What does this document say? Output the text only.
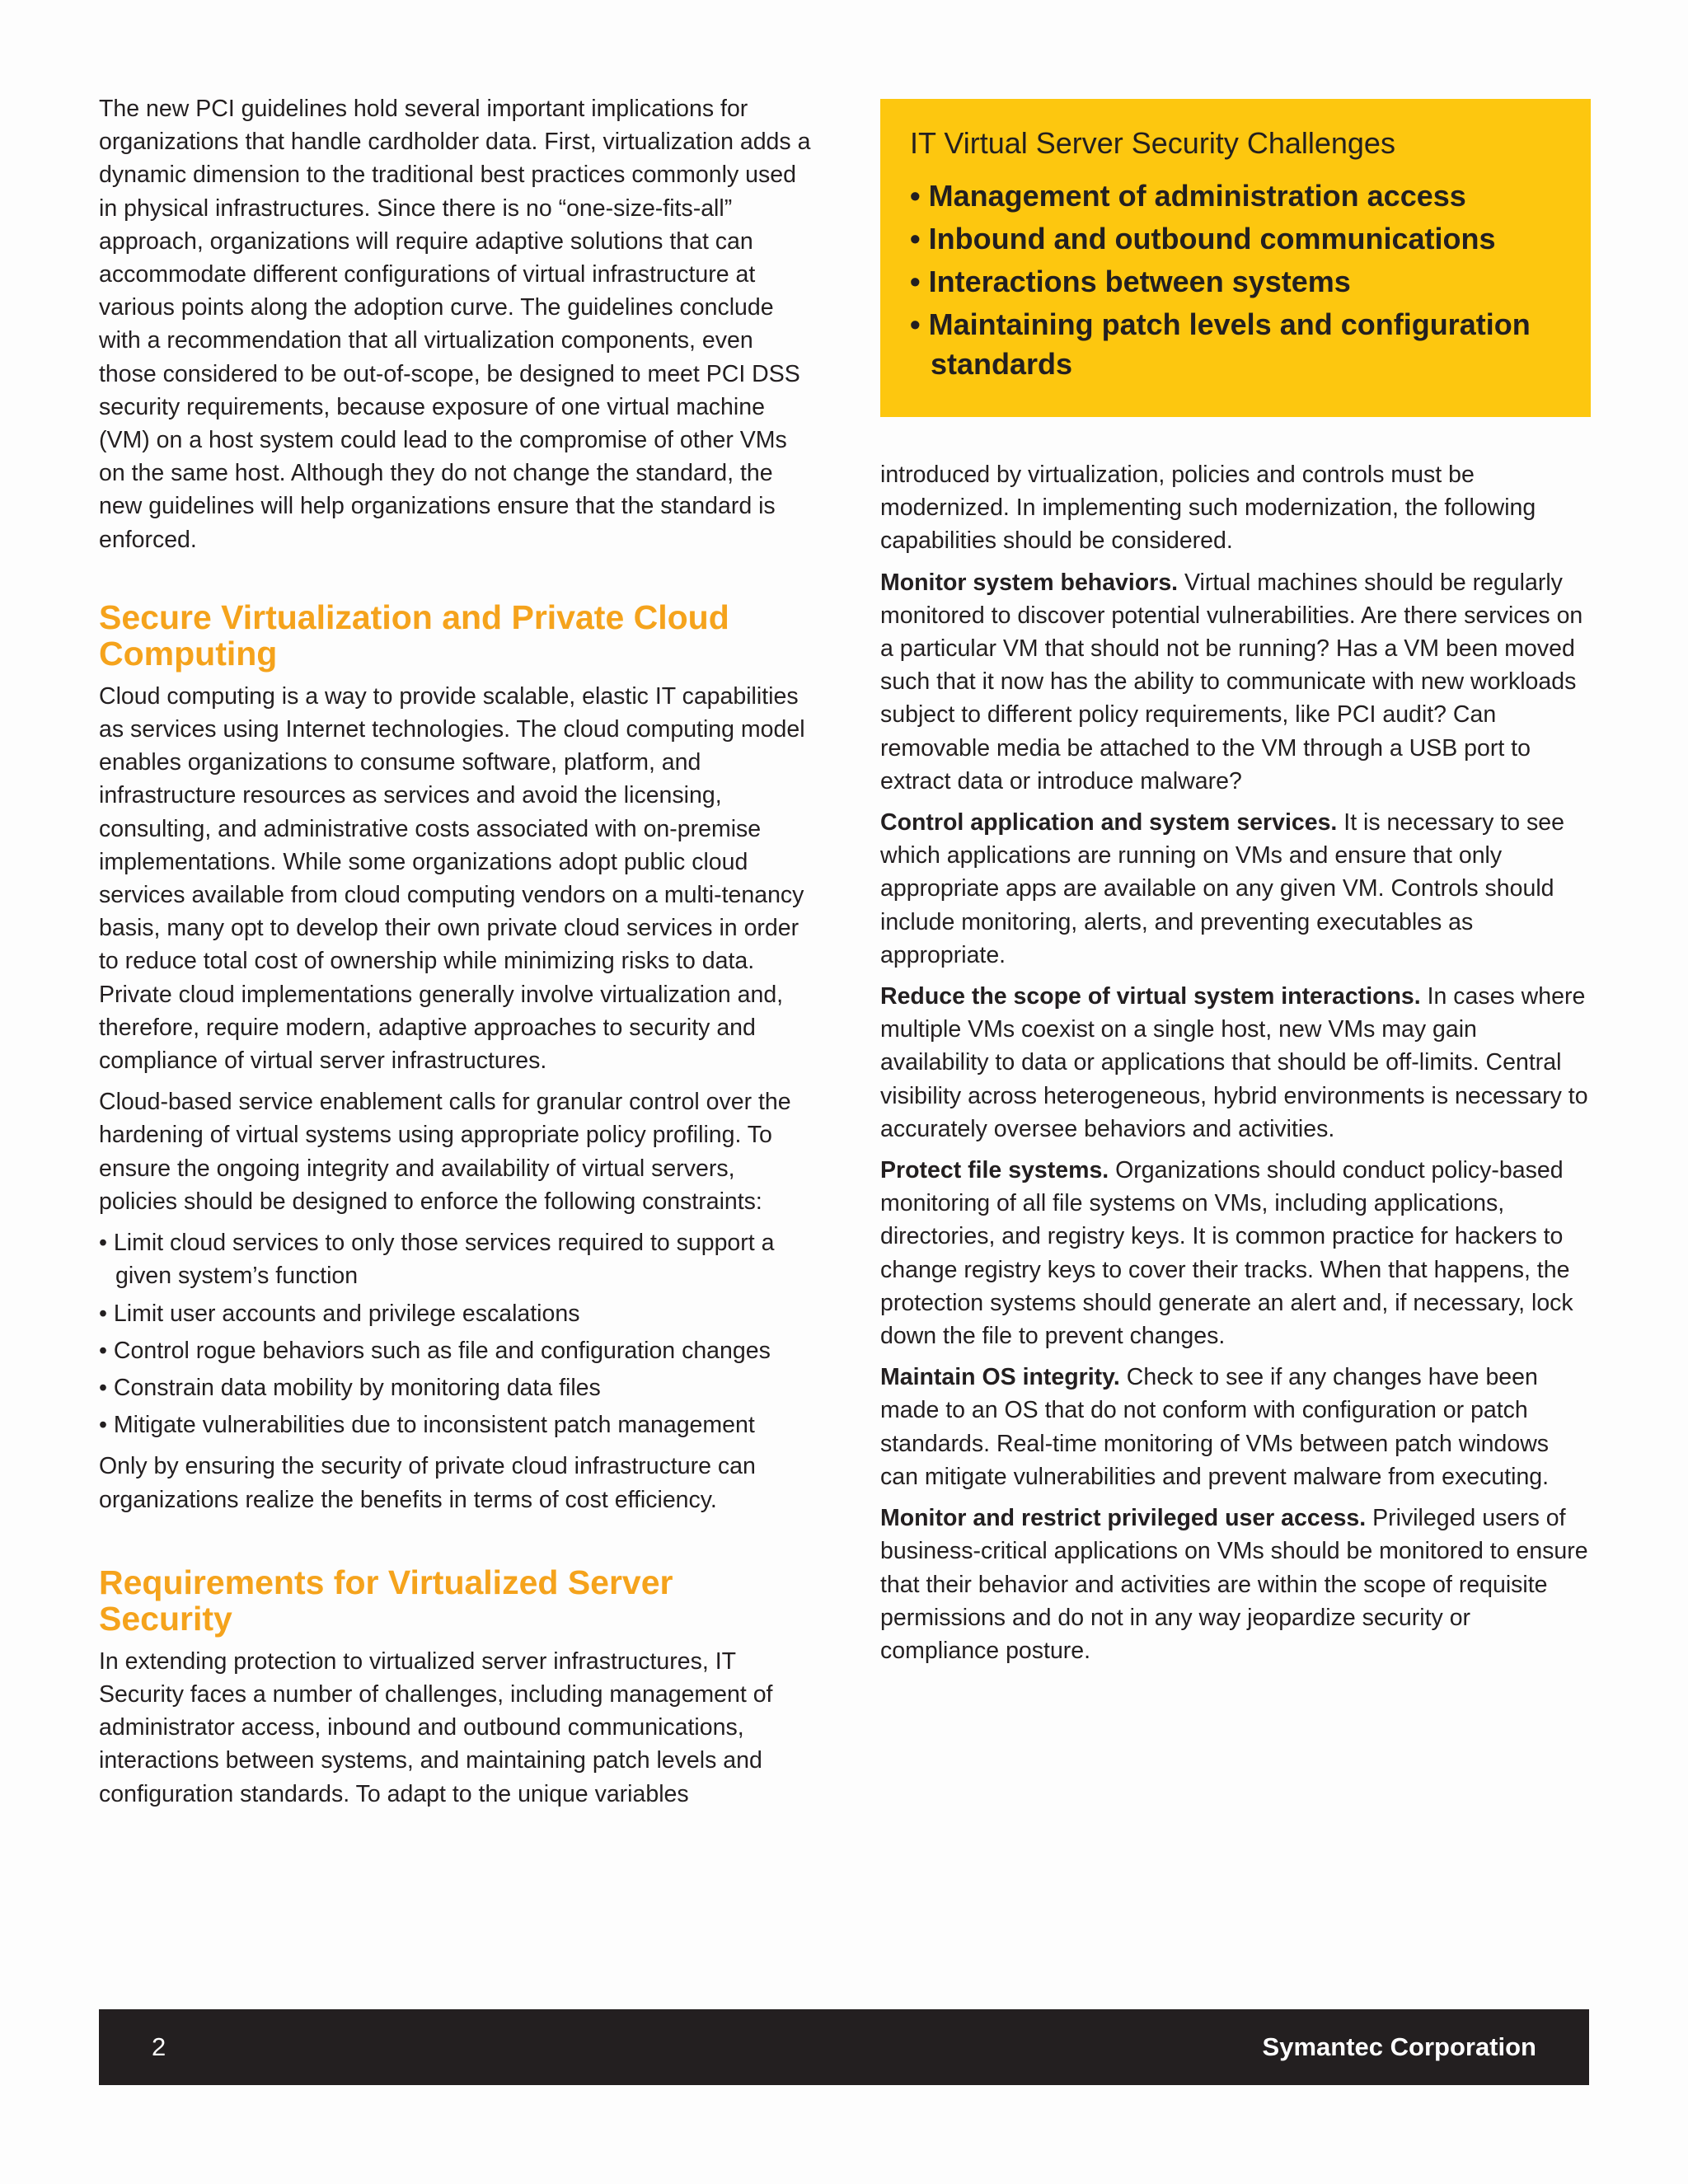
The new PCI guidelines hold several important implications for organizations that handle cardholder data. First, virtualization adds a dynamic dimension to the traditional best practices commonly used in physical infrastructures. Since there is no “one-size-fits-all” approach, organizations will require adaptive solutions that can accommodate different configurations of virtual infrastructure at various points along the adoption curve. The guidelines conclude with a recommendation that all virtualization components, even those considered to be out-of-scope, be designed to meet PCI DSS security requirements, because exposure of one virtual machine (VM) on a host system could lead to the compromise of other VMs on the same host. Although they do not change the standard, the new guidelines will help organizations ensure that the standard is enforced.

Secure Virtualization and Private Cloud Computing

Cloud computing is a way to provide scalable, elastic IT capabilities as services using Internet technologies. The cloud computing model enables organizations to consume software, platform, and infrastructure resources as services and avoid the licensing, consulting, and administrative costs associated with on-premise implementations. While some organizations adopt public cloud services available from cloud computing vendors on a multi-tenancy basis, many opt to develop their own private cloud services in order to reduce total cost of ownership while minimizing risks to data. Private cloud implementations generally involve virtualization and, therefore, require modern, adaptive approaches to security and compliance of virtual server infrastructures.

Cloud-based service enablement calls for granular control over the hardening of virtual systems using appropriate policy profiling. To ensure the ongoing integrity and availability of virtual servers, policies should be designed to enforce the following constraints:

• Limit cloud services to only those services required to support a given system’s function
• Limit user accounts and privilege escalations
• Control rogue behaviors such as file and configuration changes
• Constrain data mobility by monitoring data files
• Mitigate vulnerabilities due to inconsistent patch management

Only by ensuring the security of private cloud infrastructure can organizations realize the benefits in terms of cost efficiency.

Requirements for Virtualized Server Security

In extending protection to virtualized server infrastructures, IT Security faces a number of challenges, including management of administrator access, inbound and outbound communications, interactions between systems, and maintaining patch levels and configuration standards. To adapt to the unique variables

IT Virtual Server Security Challenges
• Management of administration access
• Inbound and outbound communications
• Interactions between systems
• Maintaining patch levels and configuration standards

introduced by virtualization, policies and controls must be modernized. In implementing such modernization, the following capabilities should be considered.

Monitor system behaviors. Virtual machines should be regularly monitored to discover potential vulnerabilities. Are there services on a particular VM that should not be running? Has a VM been moved such that it now has the ability to communicate with new workloads subject to different policy requirements, like PCI audit? Can removable media be attached to the VM through a USB port to extract data or introduce malware?

Control application and system services. It is necessary to see which applications are running on VMs and ensure that only appropriate apps are available on any given VM. Controls should include monitoring, alerts, and preventing executables as appropriate.

Reduce the scope of virtual system interactions. In cases where multiple VMs coexist on a single host, new VMs may gain availability to data or applications that should be off-limits. Central visibility across heterogeneous, hybrid environments is necessary to accurately oversee behaviors and activities.

Protect file systems. Organizations should conduct policy-based monitoring of all file systems on VMs, including applications, directories, and registry keys. It is common practice for hackers to change registry keys to cover their tracks. When that happens, the protection systems should generate an alert and, if necessary, lock down the file to prevent changes.

Maintain OS integrity. Check to see if any changes have been made to an OS that do not conform with configuration or patch standards. Real-time monitoring of VMs between patch windows can mitigate vulnerabilities and prevent malware from executing.

Monitor and restrict privileged user access. Privileged users of business-critical applications on VMs should be monitored to ensure that their behavior and activities are within the scope of requisite permissions and do not in any way jeopardize security or compliance posture.

2	Symantec Corporation
